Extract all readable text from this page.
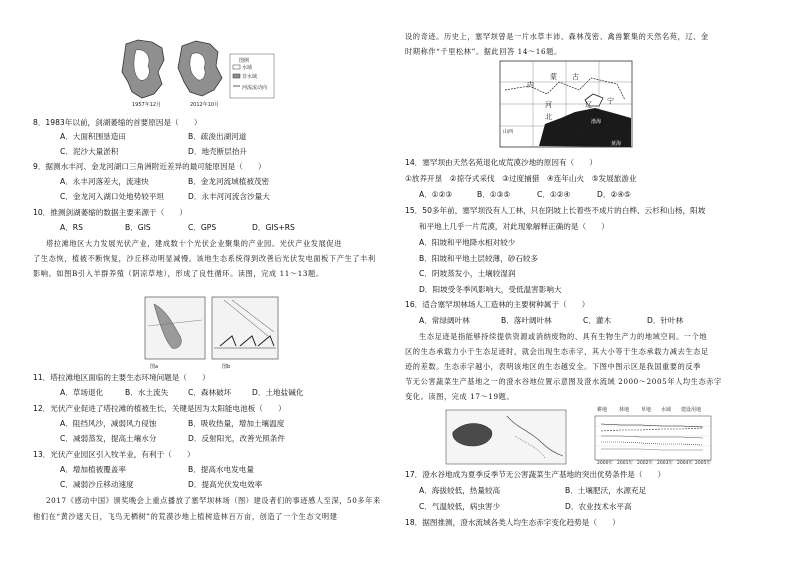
1957年12月	2012年10月
图例
水域
非水域
河流流动向
8．1983年以前，剑湖萎缩的首要原因是（　　）
A．大面积围垦造田	B．疏浚出湖河道
C．泥沙大量淤积	D．地壳断层抬升
9．据测水丰河、金龙河湖口三角洲附近差异的最可能原因是（　　）
A．永丰河落差大，流速快	B．金龙河流域植被茂密
C．金龙河入湖口处地势较平坦	D．永丰河河流含沙量大
10．推测剑湖萎缩的数据主要来源于（　　）
A．RS	B．GIS	C．GPS	D．GIS+RS
塔拉滩地区大力发展光伏产业，建成数十个光伏企业聚集的产业园。光伏产业发展促进
了生态恢，植被不断恢复，沙丘移动明显减慢。该地生态系统得到改善后光伏发电面板下产生了丰利
影响。如图B引入羊群养殖（阴凉草地），形成了良性循环。读图，完成 11～13题。
图a	图b
11．塔拉滩地区面临的主要生态环境问题是（　　）
A．草场退化	B．水土流失	C．森林破坏	D．土地盐碱化
12．光伏产业促进了塔拉滩的植被生长，关键是因为太阳能电池板（　　）
A．阻挡风沙，减弱风力侵蚀	B．吸收热量，增加土壤温度
C．减弱蒸发，提高土壤水分	D．反射阳光，改善光照条件
13．光伏产业园区引入牧羊业，有利于（　　）
A．增加植被覆盖率	B．提高水电发电量
C．减弱沙丘移动速度	D．提高光伏发电效率
2017《感动中国》颁奖晚会上重点播放了塞罕坝林场（图）建设者们的事迹感人至深，50多年来
他们在“黄沙遮天日，飞鸟无栖树”的荒漠沙地上植树造林百万亩，创造了一个生态文明建
设的奇迹。历史上，塞罕坝曾是一片水草丰沛、森林茂密、禽兽繁集的天然名苑，辽、金
时期称作“千里松林”。据此回答 14～16题。
内
蒙 古
河
北
辽 宁
北京
天津
山西
山东
渤海
黄海
14．塞罕坝由天然名苑退化成荒漠沙地的原因有（　　）
①放养开垦　②掠夺式采伐　③过度捕猎　④连年山火　⑤发展旅游业
A．①②③	B．①③⑤	C．①②④	D．②④⑤
15．50多年前，塞罕坝没有人工林，只在阴坡上长着些不成片的白桦、云杉和山杨，阳坡
和平地上几乎一片荒漠，对此现象解释正确的是（　　）
A．阳坡和平地降水相对较少
B．阳坡和平地土层较薄，砂石较多
C．阴坡蒸发小，土壤较湿润
D．阳坡受冬季风影响大，受低温害影响大
16．适合塞罕坝林场人工造林的主要树种属于（　　）
A．常绿阔叶林	B．落叶阔叶林	C．灌木	D．针叶林
生态足迹是指能够持续提供资源或消纳废物的、具有生物生产力的地域空间。一个地
区的生态承载力小于生态足迹时，就会出现生态赤字，其大小等于生态承载力减去生态足
迹的差数。生态赤字越小，表明该地区的生态越安全。下图中图示区是我国重要的反季
节无公害蔬菜生产基地之一的澄水谷地位置示意图及澄水流域 2000～2005年人均生态赤字
变化。读图，完成 17～19题。
耕地 林地 草地 水域 建设用地
2000年 2001年 2002年 2003年 2004年 2005年
17．澄水谷地成为夏季反季节无公害蔬菜生产基地的突出优势条件是（　　）
A．海拔较低，热量较高	B．土壤肥沃，水源充足
C．气温较低，病虫害少	D．农业技术水平高
18．据图推测，澄水流域各类人均生态赤字变化趋势是（　　）
